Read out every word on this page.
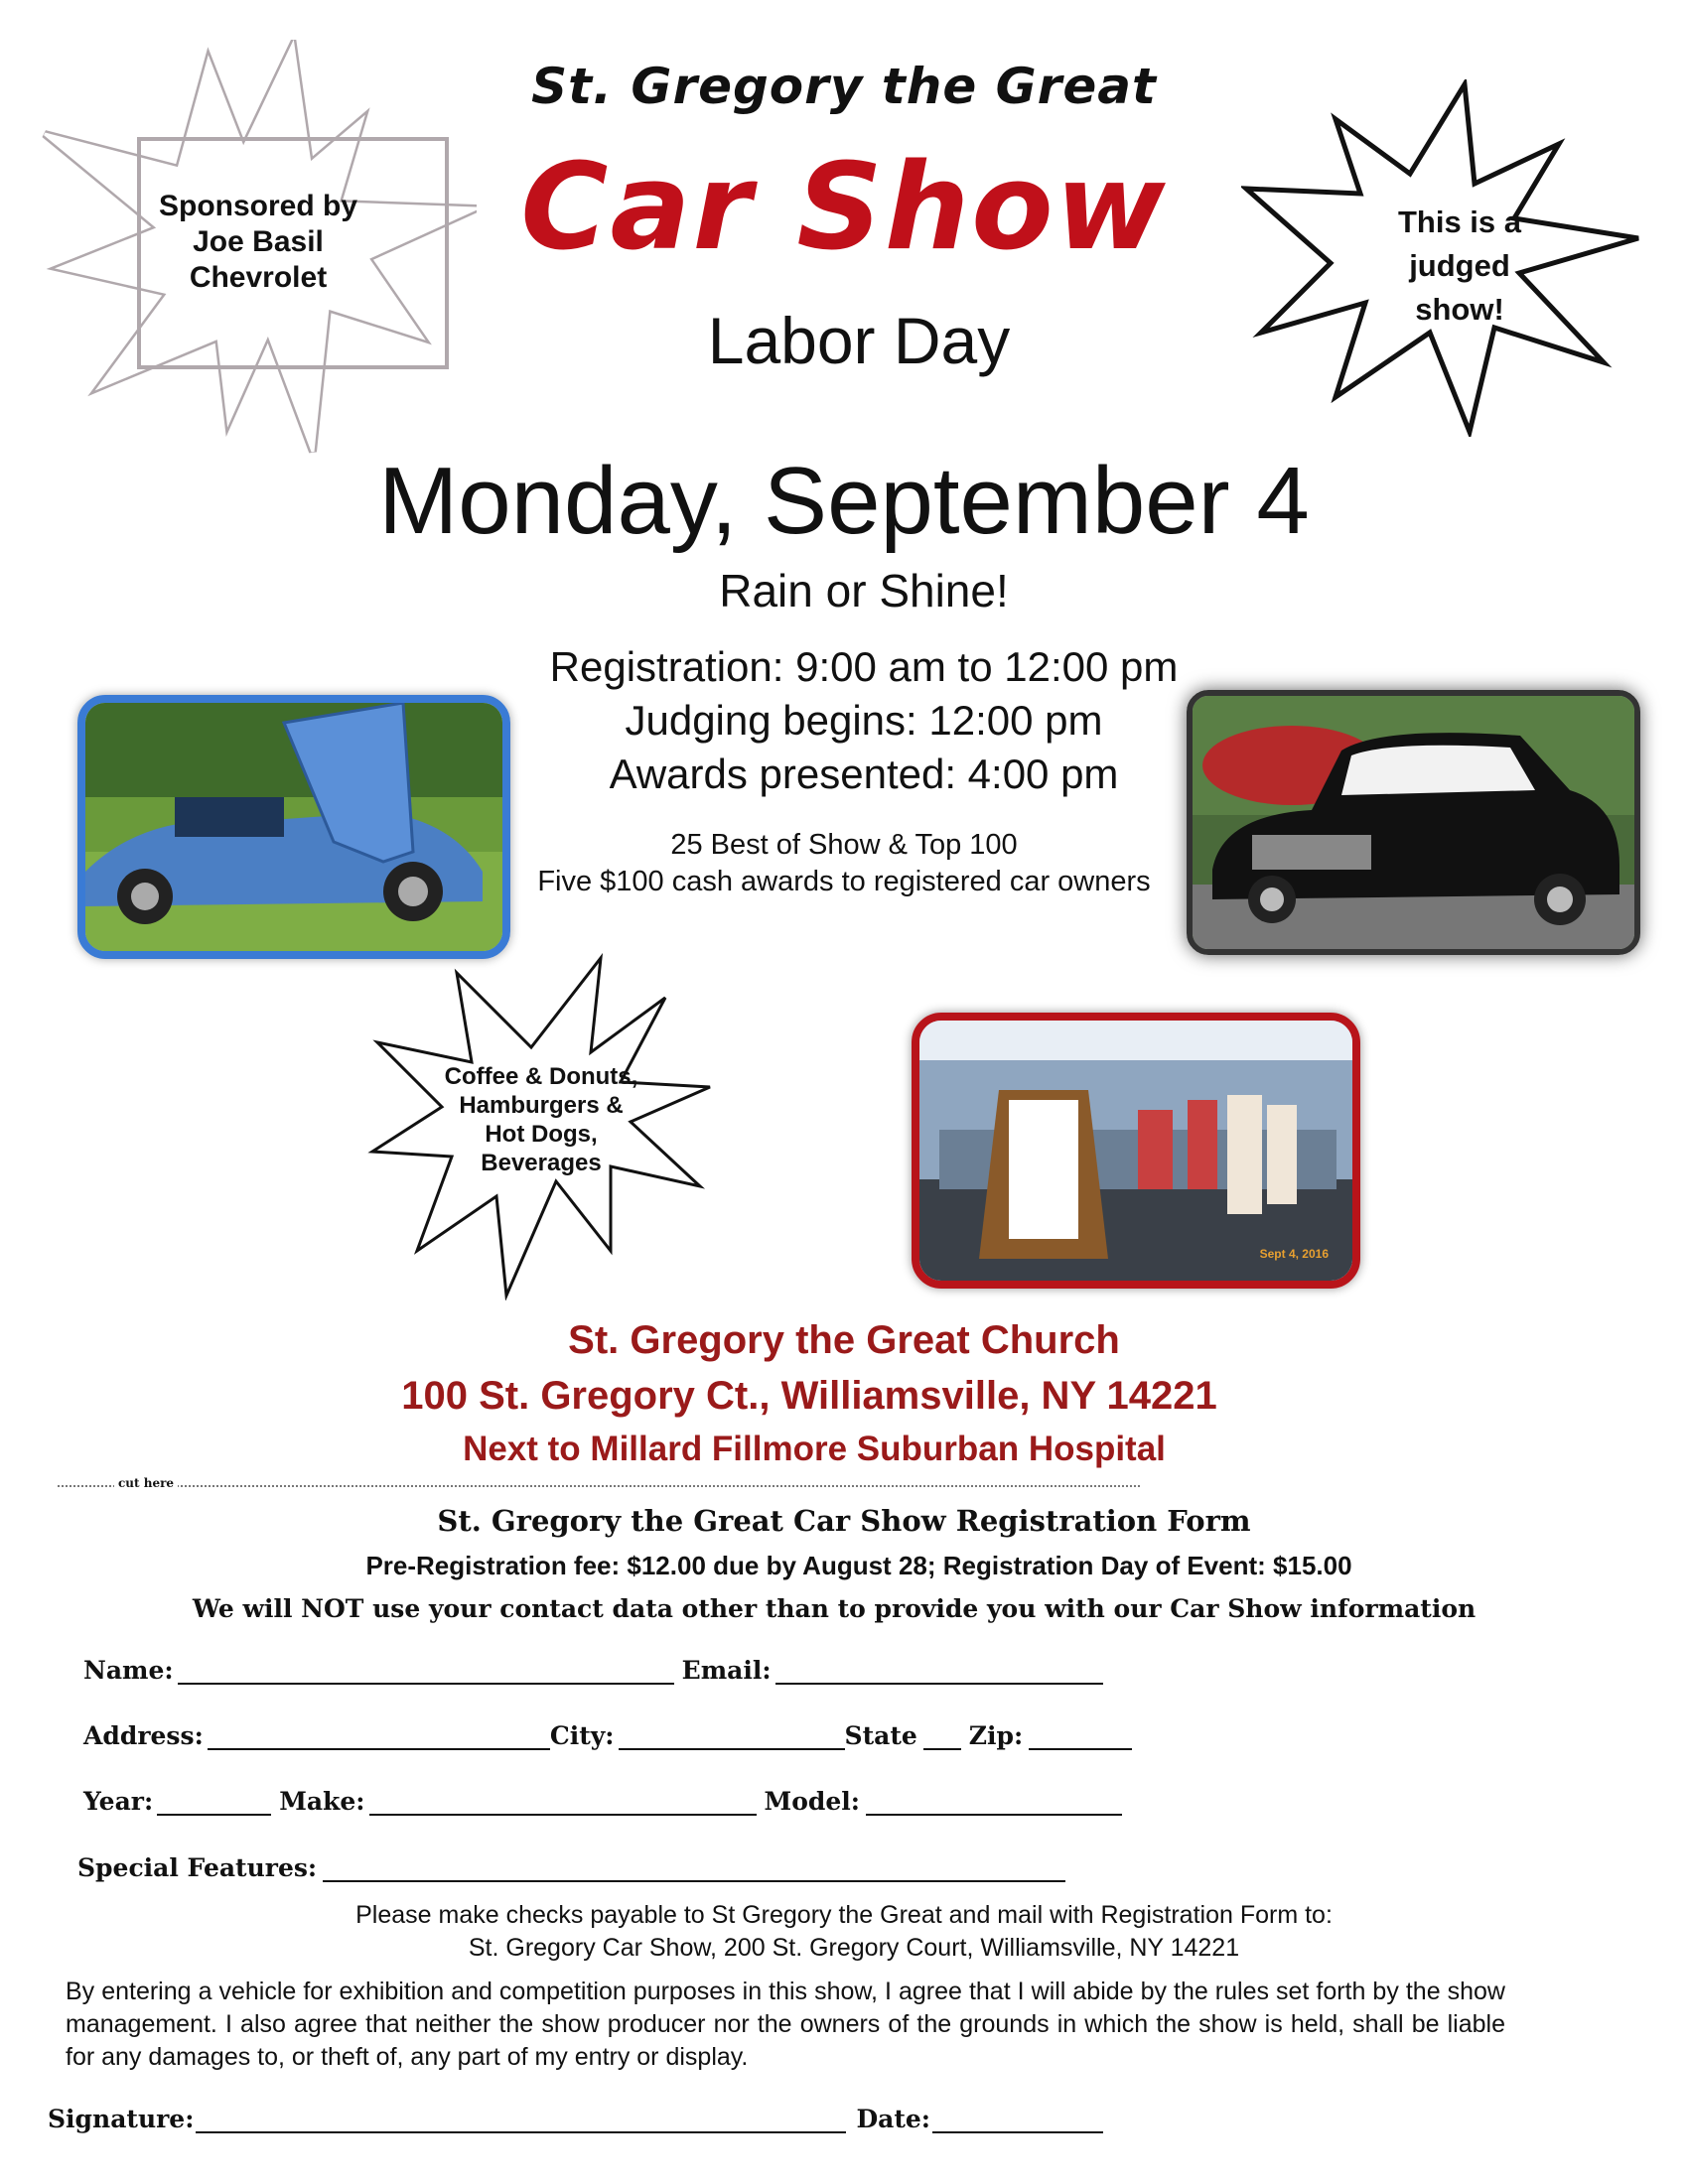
St. Gregory the Great
Car Show
Labor Day
Monday, September 4
Rain or Shine!
Sponsored by
Joe Basil
Chevrolet
This is a
judged
show!
Registration: 9:00 am to 12:00 pm
Judging begins: 12:00 pm
Awards presented: 4:00 pm
25 Best of Show & Top 100
Five $100 cash awards to registered car owners
Coffee & Donuts,
Hamburgers &
Hot Dogs,
Beverages
Sept 4, 2016
St. Gregory the Great Church
100 St. Gregory Ct., Williamsville, NY 14221
Next to Millard Fillmore Suburban Hospital
cut here
St. Gregory the Great Car Show Registration Form
Pre-Registration fee: $12.00 due by August 28; Registration Day of Event: $15.00
We will NOT use your contact data other than to provide you with our Car Show information
Name:	Email:
Address:	City:	State Zip:
Year:	Make:	Model:
Special Features:
Please make checks payable to St Gregory the Great and mail with Registration Form to:
St. Gregory Car Show, 200 St. Gregory Court, Williamsville, NY 14221
By entering a vehicle for exhibition and competition purposes in this show, I agree that I will abide by the rules set forth by the show management. I also agree that neither the show producer nor the owners of the grounds in which the show is held, shall be liable for any damages to, or theft of, any part of my entry or display.
Signature:	Date:
